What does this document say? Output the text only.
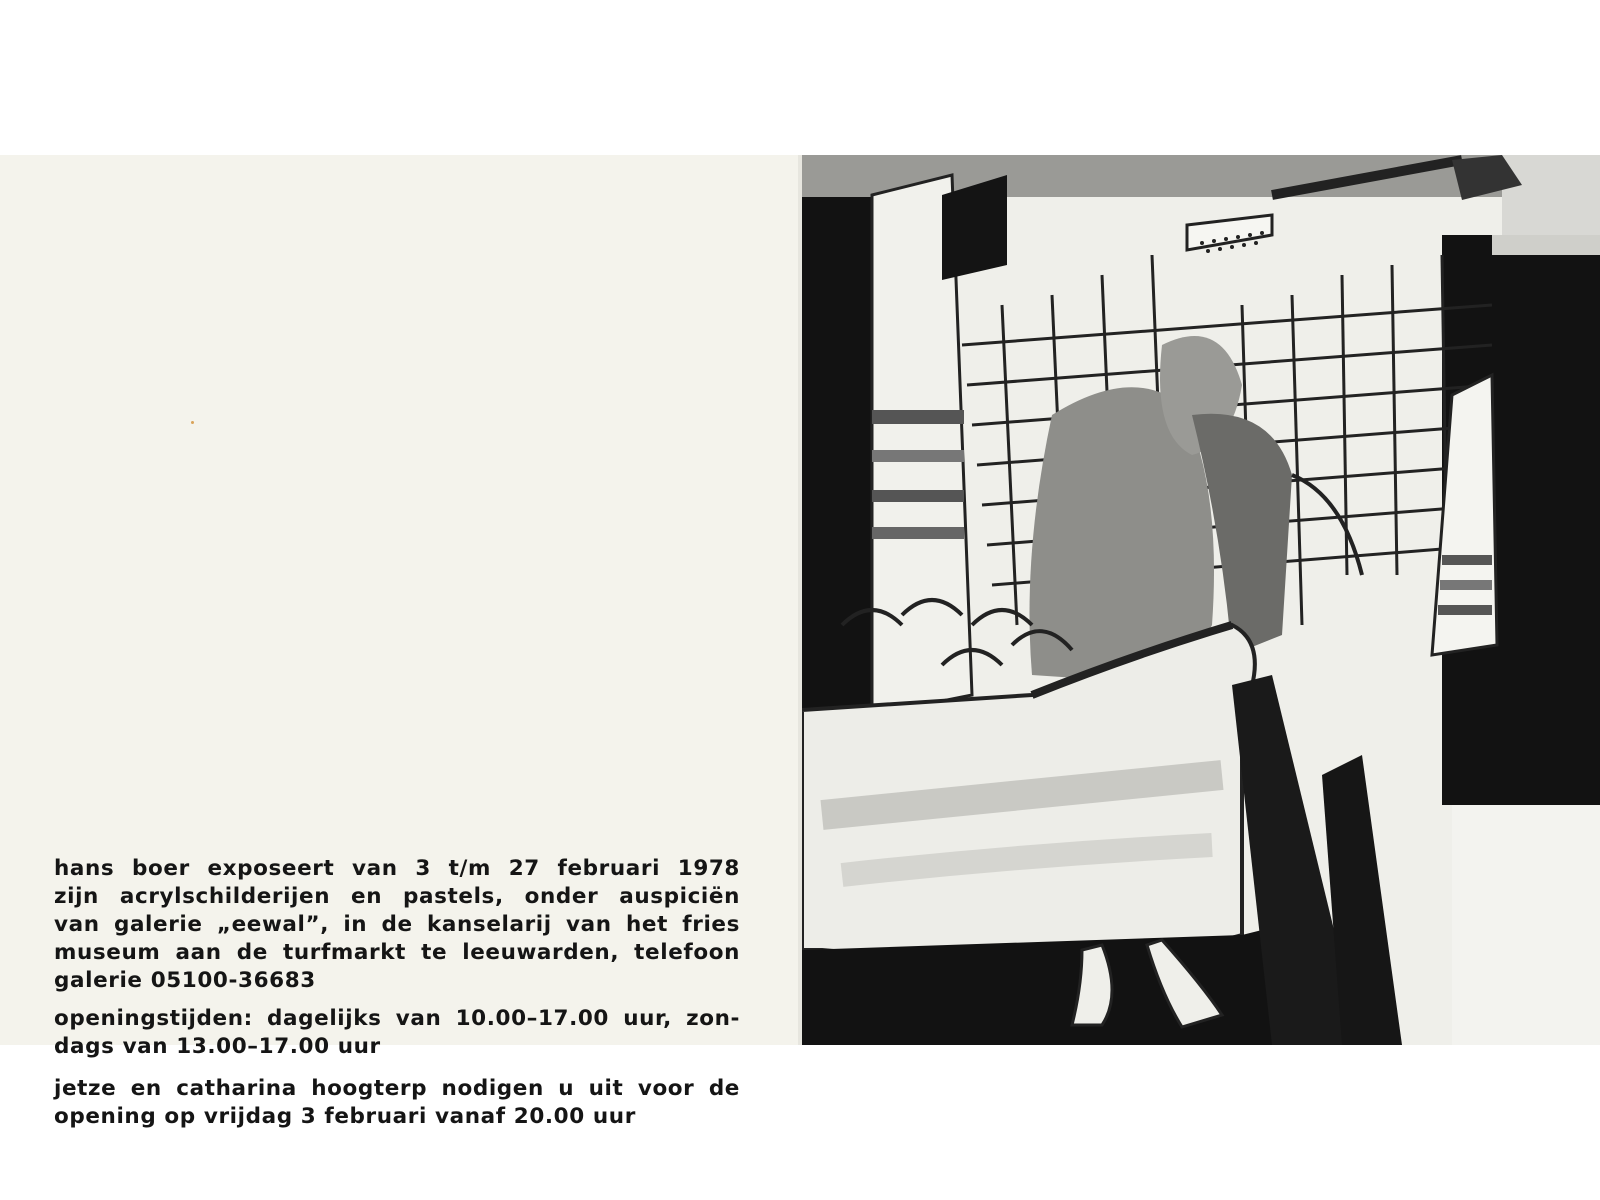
hans boer exposeert van 3 t/m 27 februari 1978
zijn acrylschilderijen en pastels, onder auspiciën
van galerie „eewal”, in de kanselarij van het fries
museum aan de turfmarkt te leeuwarden, telefoon
galerie 05100-36683
openingstijden: dagelijks van 10.00–17.00 uur, zon-
dags van 13.00–17.00 uur
jetze en catharina hoogterp nodigen u uit voor de
opening op vrijdag 3 februari vanaf 20.00 uur
